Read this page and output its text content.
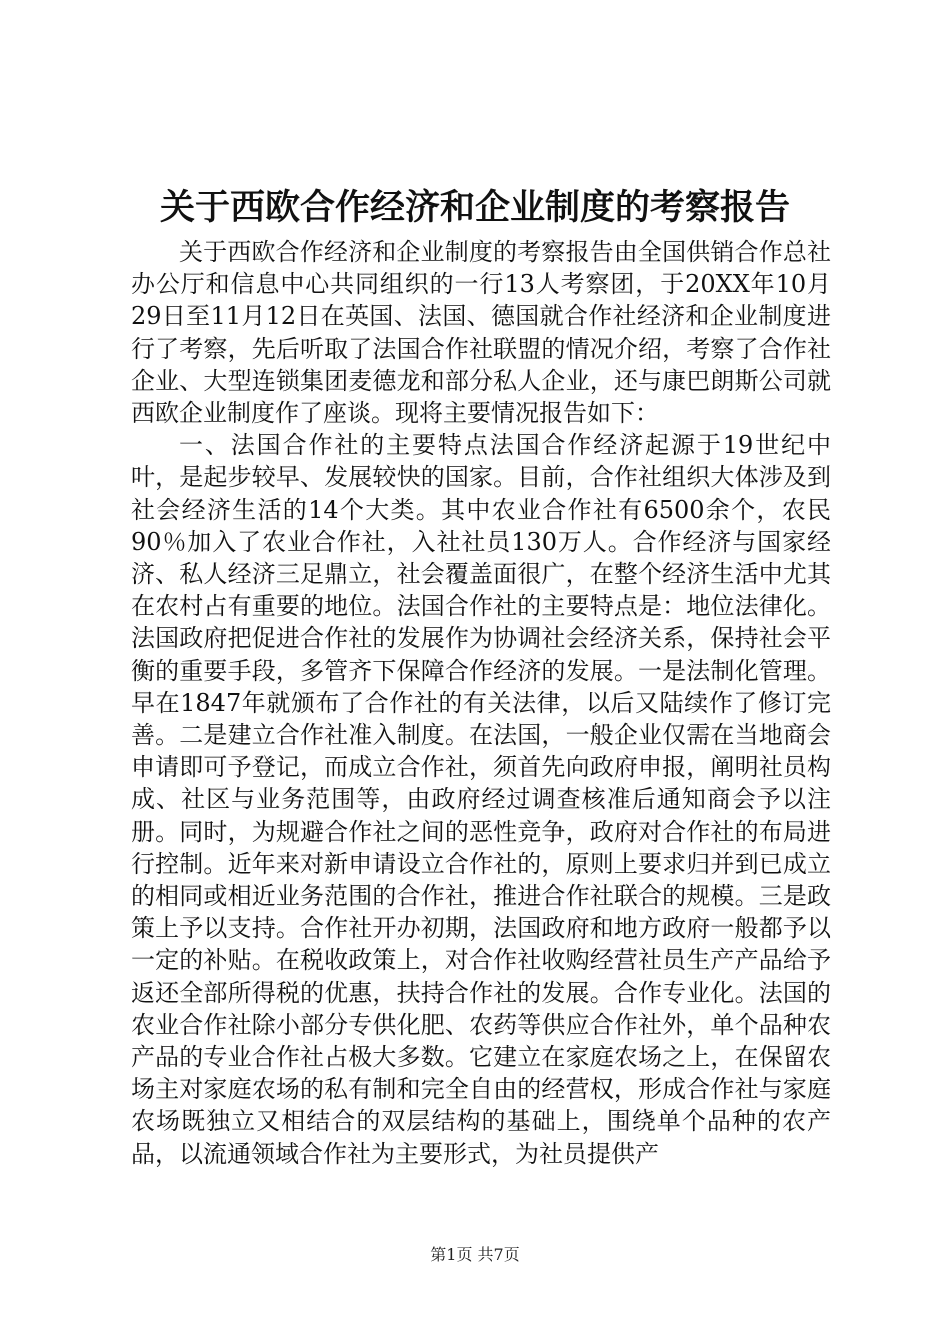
关于西欧合作经济和企业制度的考察报告

关于西欧合作经济和企业制度的考察报告由全国供销合作总社办公厅和信息中心共同组织的一行13人考察团，于20XX年10月29日至11月12日在英国、法国、德国就合作社经济和企业制度进行了考察，先后听取了法国合作社联盟的情况介绍，考察了合作社企业、大型连锁集团麦德龙和部分私人企业，还与康巴朗斯公司就西欧企业制度作了座谈。现将主要情况报告如下：

一、法国合作社的主要特点法国合作经济起源于19世纪中叶，是起步较早、发展较快的国家。目前，合作社组织大体涉及到社会经济生活的14个大类。其中农业合作社有6500余个，农民90％加入了农业合作社，入社社员130万人。合作经济与国家经济、私人经济三足鼎立，社会覆盖面很广，在整个经济生活中尤其在农村占有重要的地位。法国合作社的主要特点是：地位法律化。法国政府把促进合作社的发展作为协调社会经济关系，保持社会平衡的重要手段，多管齐下保障合作经济的发展。一是法制化管理。早在1847年就颁布了合作社的有关法律，以后又陆续作了修订完善。二是建立合作社准入制度。在法国，一般企业仅需在当地商会申请即可予登记，而成立合作社，须首先向政府申报，阐明社员构成、社区与业务范围等，由政府经过调查核准后通知商会予以注册。同时，为规避合作社之间的恶性竞争，政府对合作社的布局进行控制。近年来对新申请设立合作社的，原则上要求归并到已成立的相同或相近业务范围的合作社，推进合作社联合的规模。三是政策上予以支持。合作社开办初期，法国政府和地方政府一般都予以一定的补贴。在税收政策上，对合作社收购经营社员生产产品给予返还全部所得税的优惠，扶持合作社的发展。合作专业化。法国的农业合作社除小部分专供化肥、农药等供应合作社外，单个品种农产品的专业合作社占极大多数。它建立在家庭农场之上，在保留农场主对家庭农场的私有制和完全自由的经营权，形成合作社与家庭农场既独立又相结合的双层结构的基础上，围绕单个品种的农产品，以流通领域合作社为主要形式，为社员提供产

第1页 共7页
